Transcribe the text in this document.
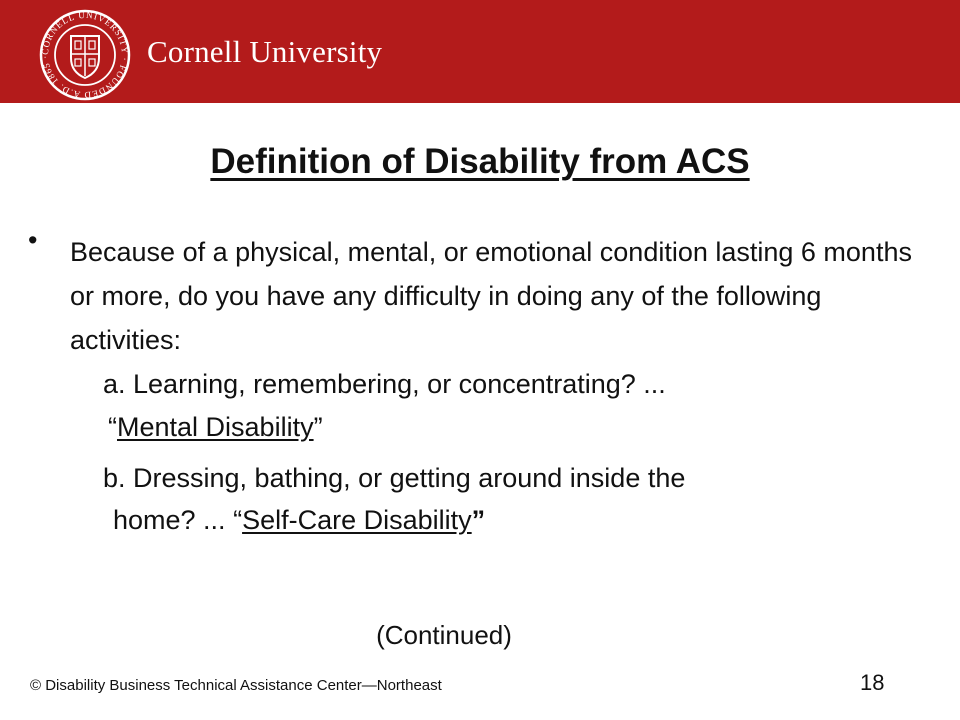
CORNELL UNIVERSITY · FOUNDED A.D. 1865 ·	Cornell University
Definition of Disability from ACS
• Because of a physical, mental, or emotional condition lasting 6 months or more, do you have any difficulty in doing any of the following activities:
a. Learning, remembering, or concentrating? ...
“Mental Disability”
b. Dressing, bathing, or getting around inside the
home? ... “Self-Care Disability”
(Continued)
© Disability Business Technical Assistance Center—Northeast	18
